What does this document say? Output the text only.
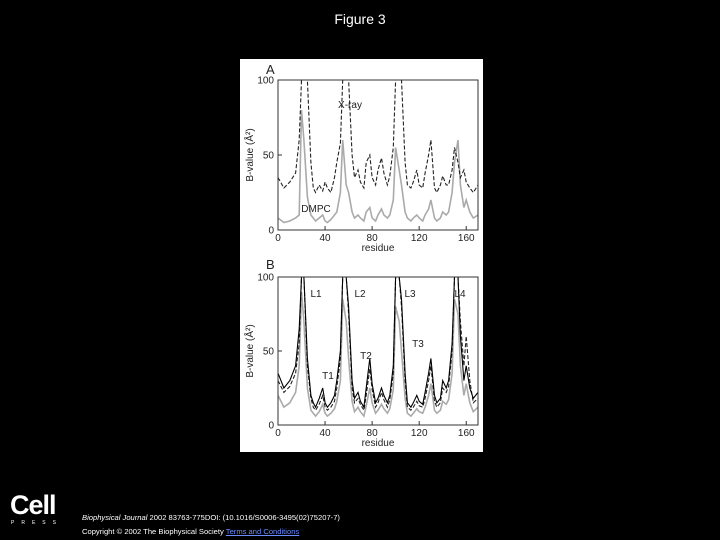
Figure 3
0
50
100
0	40	80	120	160
residue
B-value (Å²)
A
X-ray
DMPC
0
50
100
0	40	80	120	160
residue
B-value (Å²)
B
L1	L2	L3	L4
T1
T2
T3
Cell
PRESS
Biophysical Journal 2002 83763-775DOI: (10.1016/S0006-3495(02)75207-7)
Copyright © 2002 The Biophysical Society Terms and Conditions
